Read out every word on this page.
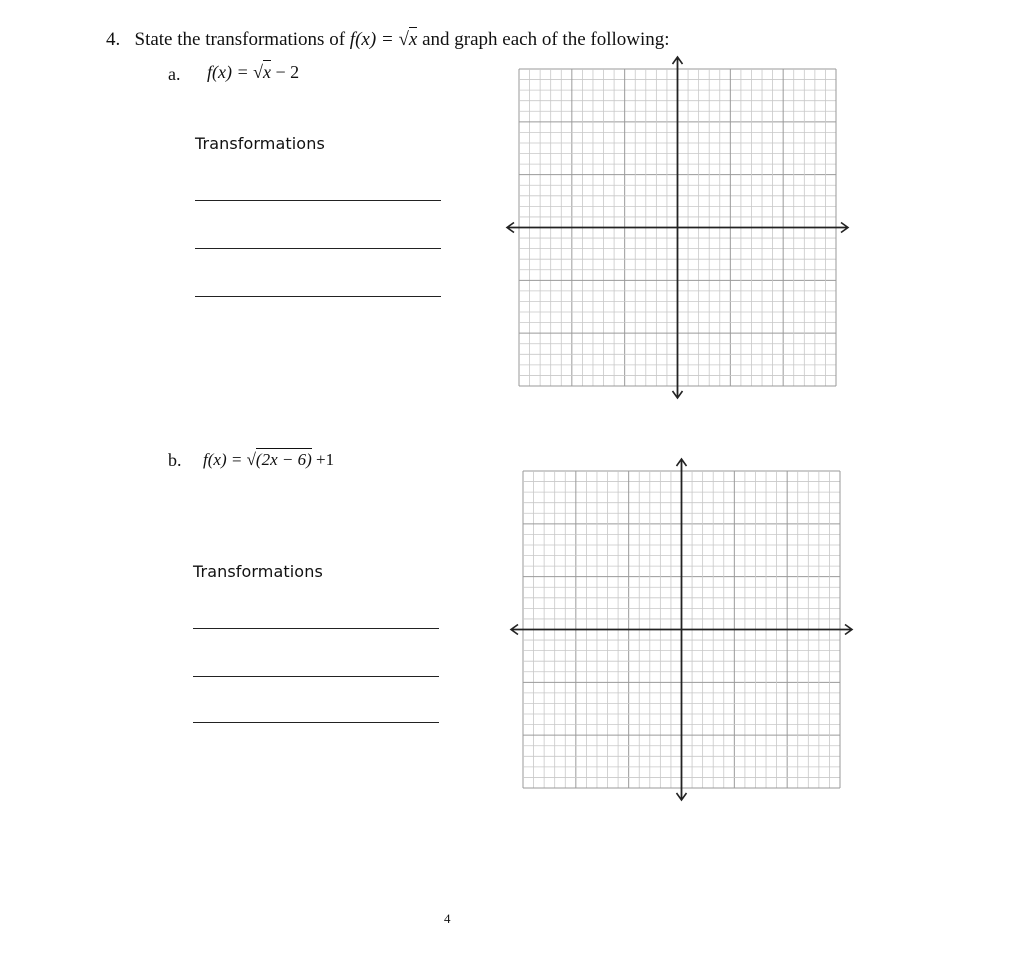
4. State the transformations of f(x) = √x and graph each of the following:
a. f(x) = √x − 2
Transformations
b. f(x) = √(2x − 6) +1
Transformations
4
